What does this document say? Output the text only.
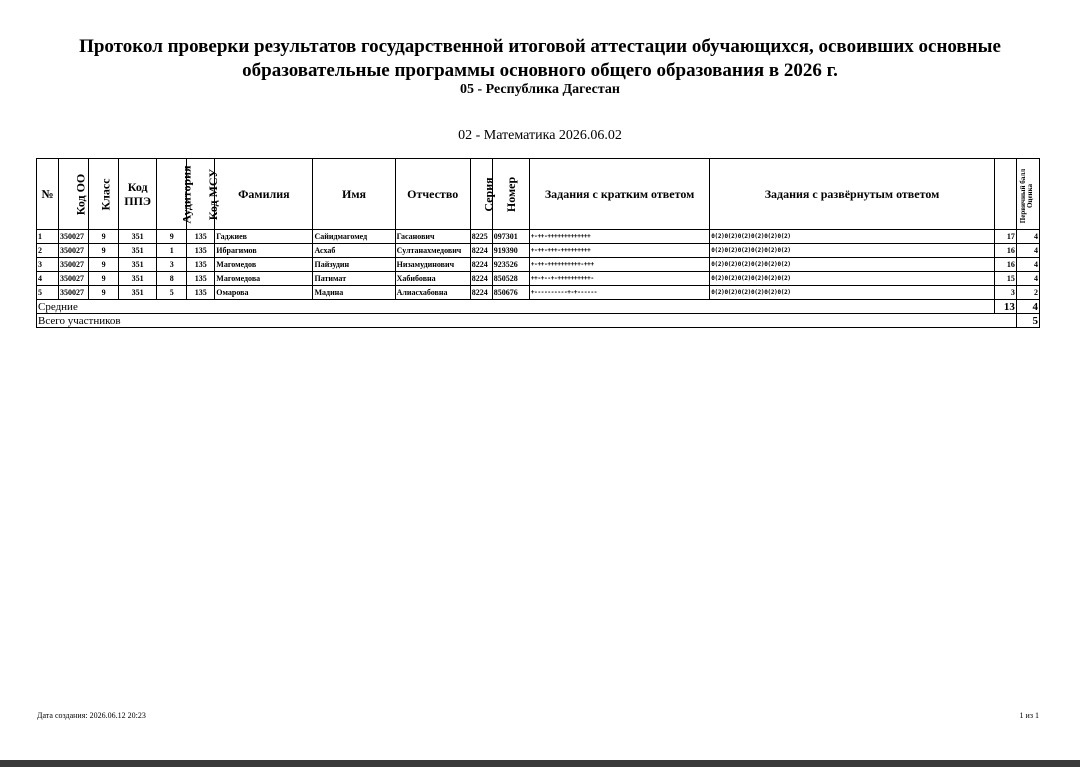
Протокол проверки результатов государственной итоговой аттестации обучающихся, освоивших основные
образовательные программы основного общего образования в 2026 г.
05 - Республика Дагестан
02 - Математика 2026.06.02
№	Код ОО	Класс	Код ППЭ	Аудитория	Код МСУ	Фамилия	Имя	Отчество	Серия	Номер	Задания с кратким ответом	Задания с развёрнутым ответом	Первичный балл	Оценка
1	350027	9	351	9	135	Гаджиев	Сайидмагомед	Гасанович	8225	097301	+-++-+++++++++++++	0(2)0(2)0(2)0(2)0(2)0(2)	17	4
2	350027	9	351	1	135	Ибрагимов	Асхаб	Султанахмедович	8224	919390	+-++-+++-+++++++++	0(2)0(2)0(2)0(2)0(2)0(2)	16	4
3	350027	9	351	3	135	Магомедов	Пайзудин	Низамудинович	8224	923526	+-++-++++++++++-+++	0(2)0(2)0(2)0(2)0(2)0(2)	16	4
4	350027	9	351	8	135	Магомедова	Патимат	Хабибовна	8224	850528	++-+--+-++++++++++-	0(2)0(2)0(2)0(2)0(2)0(2)	15	4
5	350027	9	351	5	135	Омарова	Мадина	Алиасхабовна	8224	850676	+----------+-+------	0(2)0(2)0(2)0(2)0(2)0(2)	3	2
Средние													13	4
Всего участников														5
Дата создания: 2026.06.12 20:23	1 из 1
